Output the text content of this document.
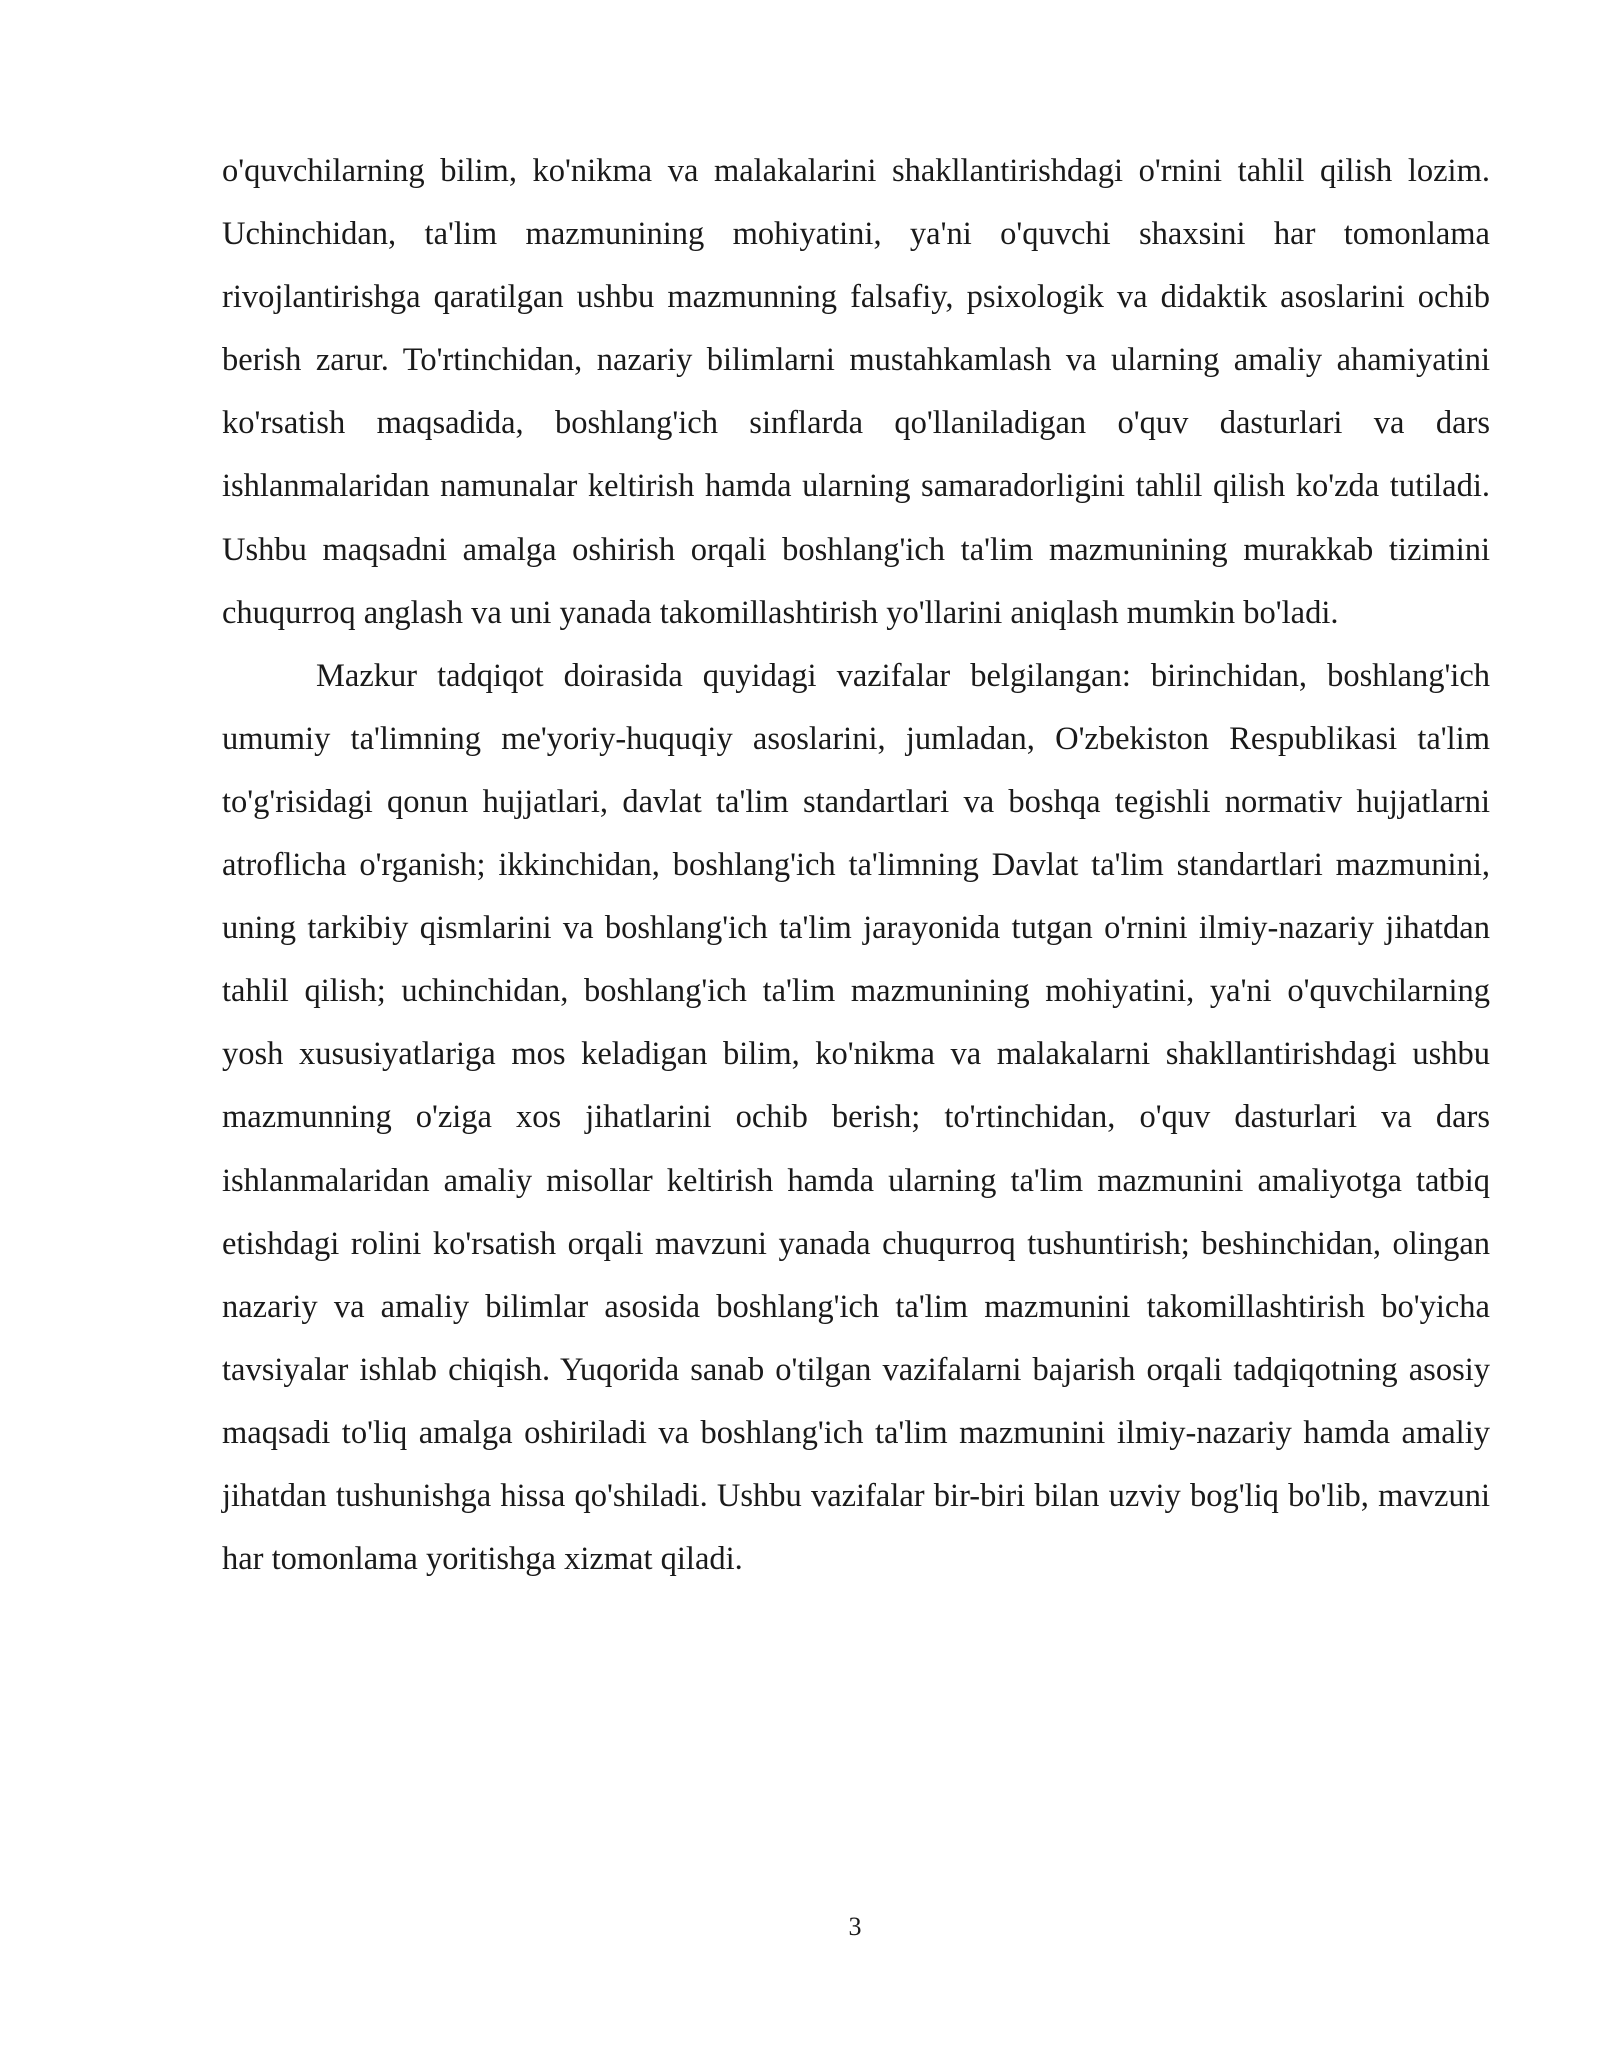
o'quvchilarning bilim, ko'nikma va malakalarini shakllantirishdagi o'rnini tahlil qilish lozim. Uchinchidan, ta'lim mazmunining mohiyatini, ya'ni o'quvchi shaxsini har tomonlama rivojlantirishga qaratilgan ushbu mazmunning falsafiy, psixologik va didaktik asoslarini ochib berish zarur. To'rtinchidan, nazariy bilimlarni mustahkamlash va ularning amaliy ahamiyatini ko'rsatish maqsadida, boshlang'ich sinflarda qo'llaniladigan o'quv dasturlari va dars ishlanmalaridan namunalar keltirish hamda ularning samaradorligini tahlil qilish ko'zda tutiladi. Ushbu maqsadni amalga oshirish orqali boshlang'ich ta'lim mazmunining murakkab tizimini chuqurroq anglash va uni yanada takomillashtirish yo'llarini aniqlash mumkin bo'ladi.

Mazkur tadqiqot doirasida quyidagi vazifalar belgilangan: birinchidan, boshlang'ich umumiy ta'limning me'yoriy-huquqiy asoslarini, jumladan, O'zbekiston Respublikasi ta'lim to'g'risidagi qonun hujjatlari, davlat ta'lim standartlari va boshqa tegishli normativ hujjatlarni atroflicha o'rganish; ikkinchidan, boshlang'ich ta'limning Davlat ta'lim standartlari mazmunini, uning tarkibiy qismlarini va boshlang'ich ta'lim jarayonida tutgan o'rnini ilmiy-nazariy jihatdan tahlil qilish; uchinchidan, boshlang'ich ta'lim mazmunining mohiyatini, ya'ni o'quvchilarning yosh xususiyatlariga mos keladigan bilim, ko'nikma va malakalarni shakllantirishdagi ushbu mazmunning o'ziga xos jihatlarini ochib berish; to'rtinchidan, o'quv dasturlari va dars ishlanmalaridan amaliy misollar keltirish hamda ularning ta'lim mazmunini amaliyotga tatbiq etishdagi rolini ko'rsatish orqali mavzuni yanada chuqurroq tushuntirish; beshinchidan, olingan nazariy va amaliy bilimlar asosida boshlang'ich ta'lim mazmunini takomillashtirish bo'yicha tavsiyalar ishlab chiqish. Yuqorida sanab o'tilgan vazifalarni bajarish orqali tadqiqotning asosiy maqsadi to'liq amalga oshiriladi va boshlang'ich ta'lim mazmunini ilmiy-nazariy hamda amaliy jihatdan tushunishga hissa qo'shiladi. Ushbu vazifalar bir-biri bilan uzviy bog'liq bo'lib, mavzuni har tomonlama yoritishga xizmat qiladi.

3
